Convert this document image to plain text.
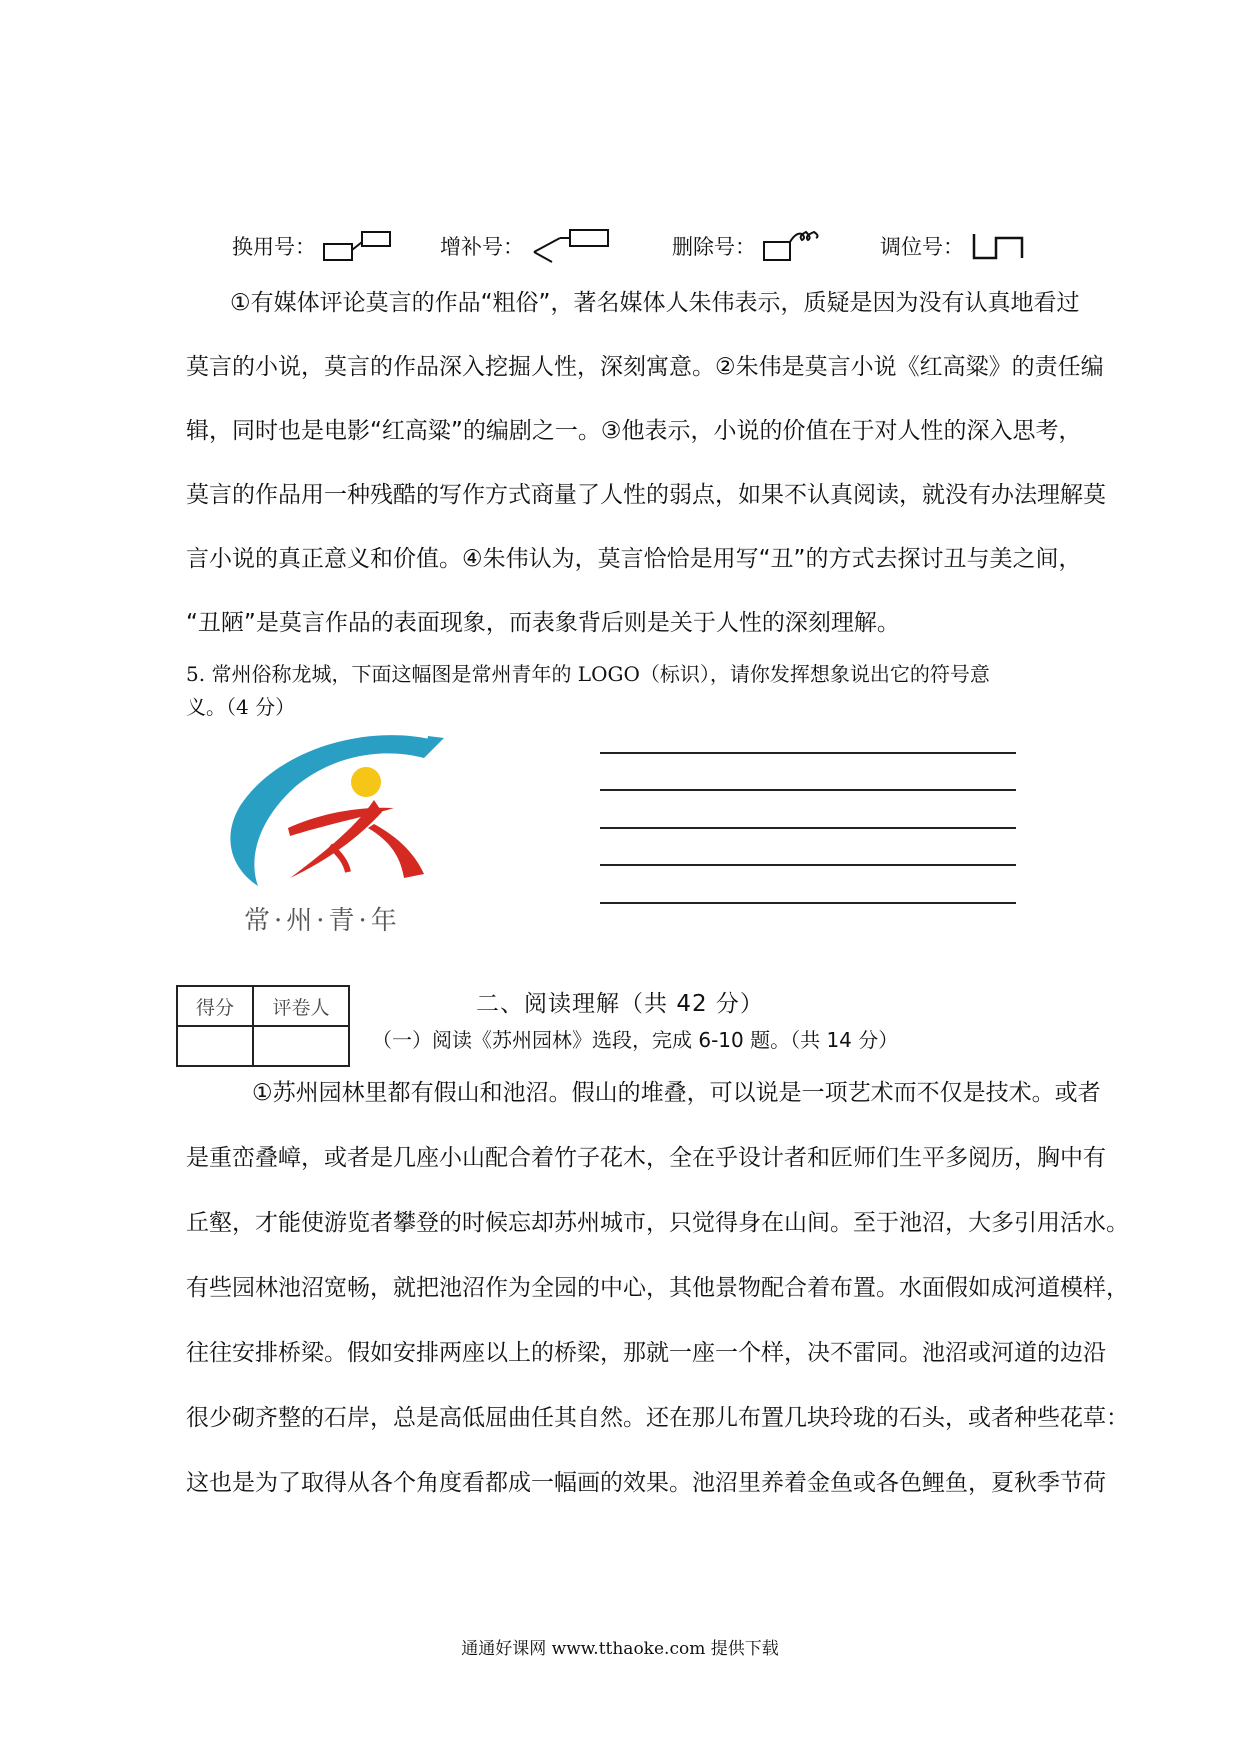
换用号：	增补号：	删除号：	调位号：
①有媒体评论莫言的作品“粗俗”，著名媒体人朱伟表示，质疑是因为没有认真地看过
莫言的小说，莫言的作品深入挖掘人性，深刻寓意。②朱伟是莫言小说《红高粱》的责任编
辑，同时也是电影“红高粱”的编剧之一。③他表示，小说的价值在于对人性的深入思考，
莫言的作品用一种残酷的写作方式商量了人性的弱点，如果不认真阅读，就没有办法理解莫
言小说的真正意义和价值。④朱伟认为，莫言恰恰是用写“丑”的方式去探讨丑与美之间，
“丑陋”是莫言作品的表面现象，而表象背后则是关于人性的深刻理解。
5. 常州俗称龙城，下面这幅图是常州青年的 LOGO（标识），请你发挥想象说出它的符号意
义。（4 分）
常·州·青·年
得分	评卷人
		二、阅读理解（共 42 分）
（一）阅读《苏州园林》选段，完成 6-10 题。（共 14 分）
①苏州园林里都有假山和池沼。假山的堆叠，可以说是一项艺术而不仅是技术。或者
是重峦叠嶂，或者是几座小山配合着竹子花木，全在乎设计者和匠师们生平多阅历，胸中有
丘壑，才能使游览者攀登的时候忘却苏州城市，只觉得身在山间。至于池沼，大多引用活水。
有些园林池沼宽畅，就把池沼作为全园的中心，其他景物配合着布置。水面假如成河道模样，
往往安排桥梁。假如安排两座以上的桥梁，那就一座一个样，决不雷同。池沼或河道的边沿
很少砌齐整的石岸，总是高低屈曲任其自然。还在那儿布置几块玲珑的石头，或者种些花草：
这也是为了取得从各个角度看都成一幅画的效果。池沼里养着金鱼或各色鲤鱼，夏秋季节荷
通通好课网 www.tthaoke.com 提供下载
